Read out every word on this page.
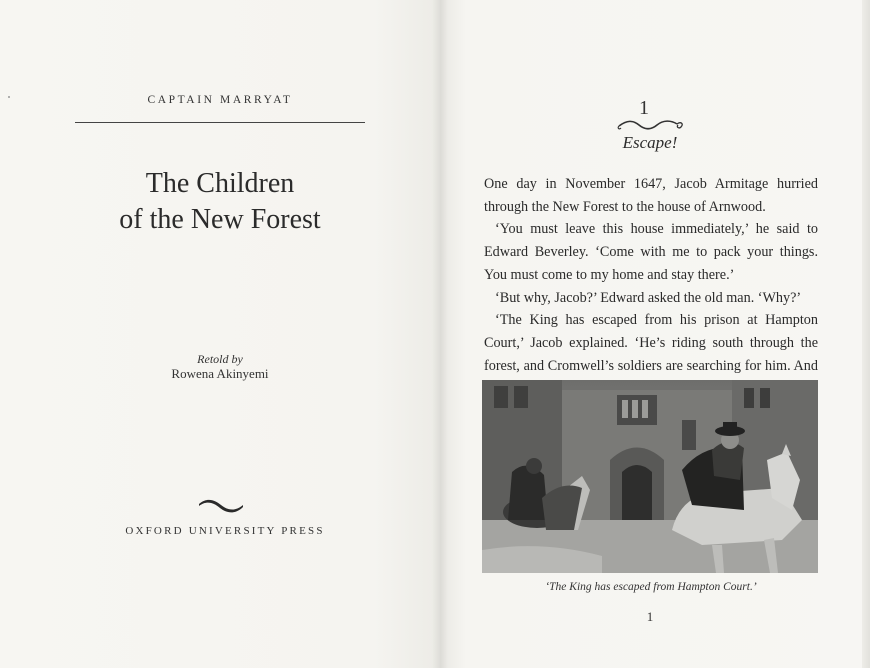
CAPTAIN MARRYAT
The Children
of the New Forest
Retold by
Rowena Akinyemi
OXFORD UNIVERSITY PRESS
1
Escape!

One day in November 1647, Jacob Armitage hurried through the New Forest to the house of Arnwood.

‘You must leave this house immediately,’ he said to Edward Beverley. ‘Come with me to pack your things. You must come to my home and stay there.’

‘But why, Jacob?’ Edward asked the old man. ‘Why?’

‘The King has escaped from his prison at Hampton Court,’ Jacob explained. ‘He’s riding south through the forest, and Cromwell’s soldiers are searching for him. And

‘The King has escaped from Hampton Court.’
1
